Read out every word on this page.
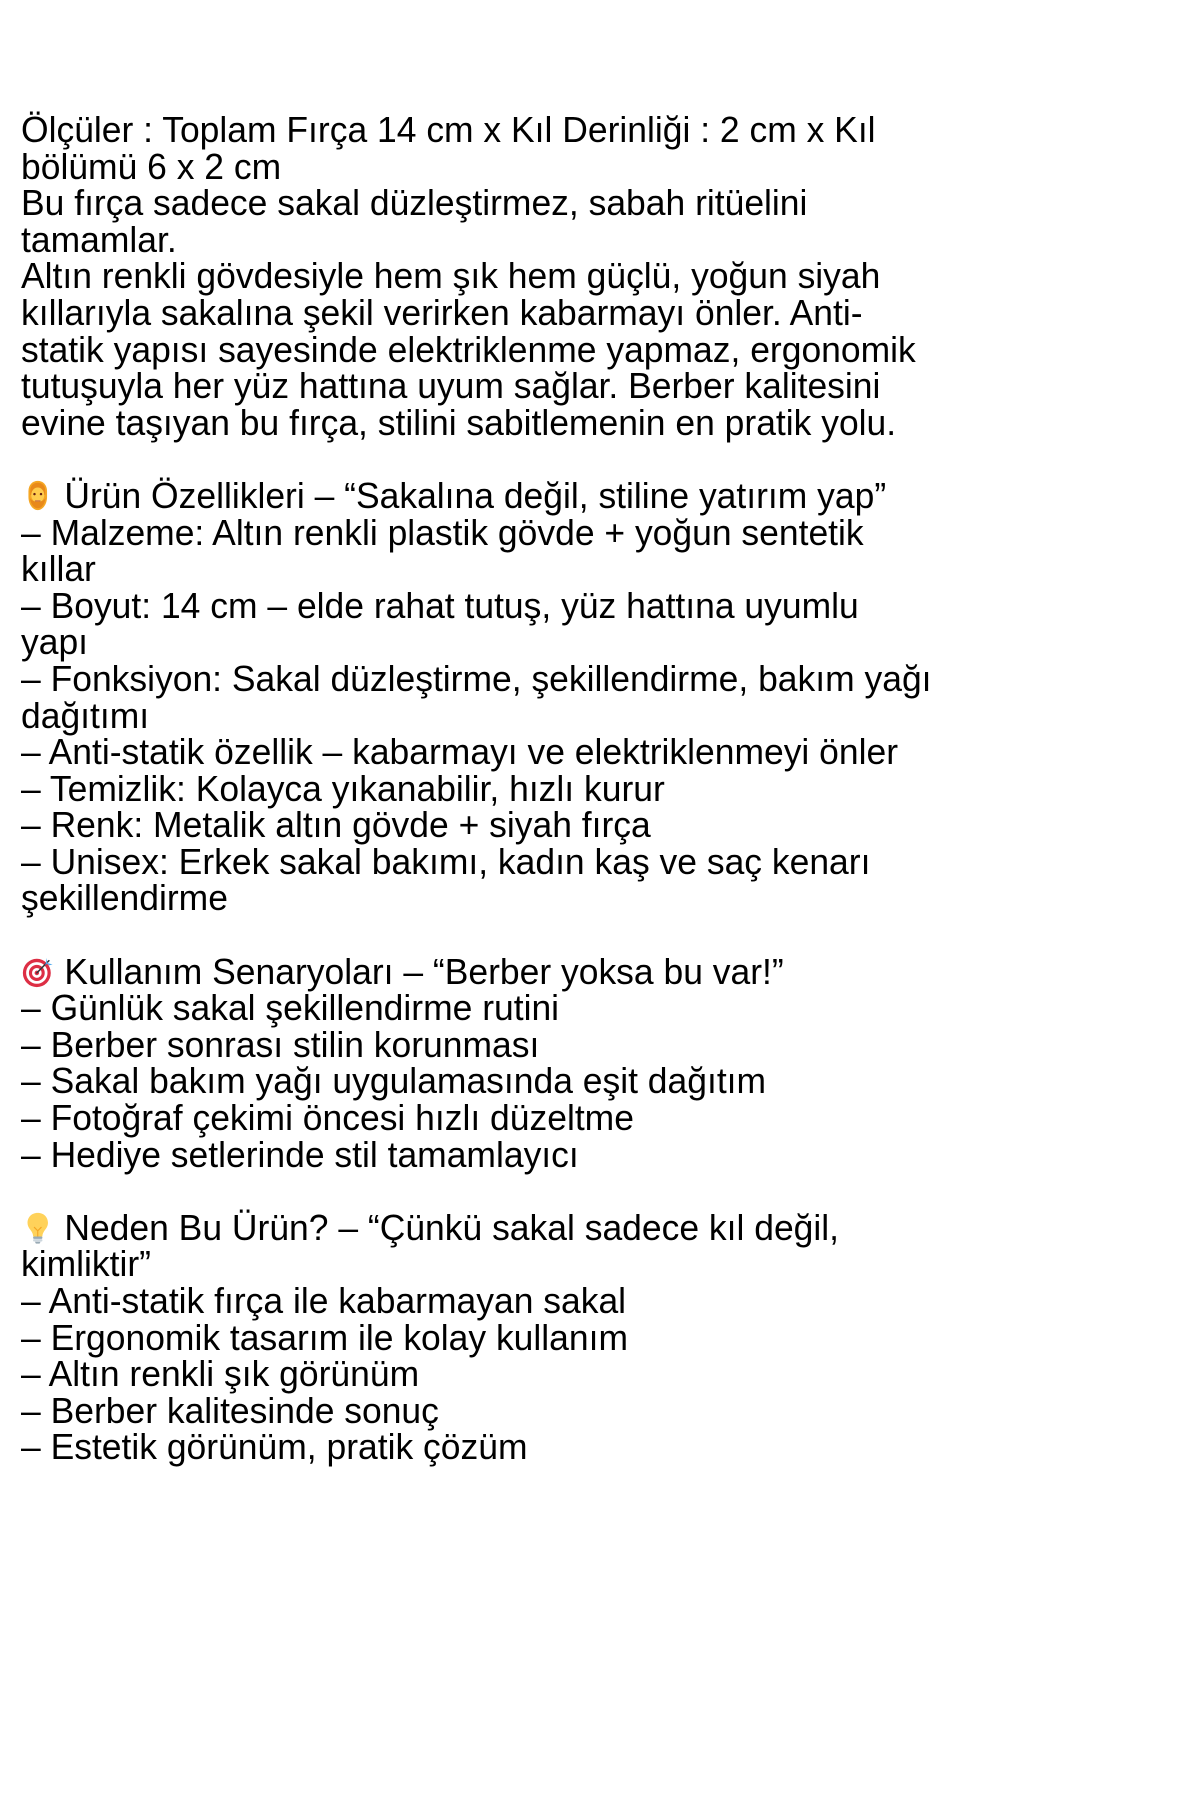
Ölçüler : Toplam Fırça 14 cm x Kıl Derinliği : 2 cm x Kıl
bölümü 6 x 2 cm
Bu fırça sadece sakal düzleştirmez, sabah ritüelini
tamamlar.
Altın renkli gövdesiyle hem şık hem güçlü, yoğun siyah
kıllarıyla sakalına şekil verirken kabarmayı önler. Anti-
statik yapısı sayesinde elektriklenme yapmaz, ergonomik
tutuşuyla her yüz hattına uyum sağlar. Berber kalitesini
evine taşıyan bu fırça, stilini sabitlemenin en pratik yolu.
Ürün Özellikleri – “Sakalına değil, stiline yatırım yap”
– Malzeme: Altın renkli plastik gövde + yoğun sentetik
kıllar
– Boyut: 14 cm – elde rahat tutuş, yüz hattına uyumlu
yapı
– Fonksiyon: Sakal düzleştirme, şekillendirme, bakım yağı
dağıtımı
– Anti-statik özellik – kabarmayı ve elektriklenmeyi önler
– Temizlik: Kolayca yıkanabilir, hızlı kurur
– Renk: Metalik altın gövde + siyah fırça
– Unisex: Erkek sakal bakımı, kadın kaş ve saç kenarı
şekillendirme
Kullanım Senaryoları – “Berber yoksa bu var!”
– Günlük sakal şekillendirme rutini
– Berber sonrası stilin korunması
– Sakal bakım yağı uygulamasında eşit dağıtım
– Fotoğraf çekimi öncesi hızlı düzeltme
– Hediye setlerinde stil tamamlayıcı
Neden Bu Ürün? – “Çünkü sakal sadece kıl değil,
kimliktir”
– Anti-statik fırça ile kabarmayan sakal
– Ergonomik tasarım ile kolay kullanım
– Altın renkli şık görünüm
– Berber kalitesinde sonuç
– Estetik görünüm, pratik çözüm
